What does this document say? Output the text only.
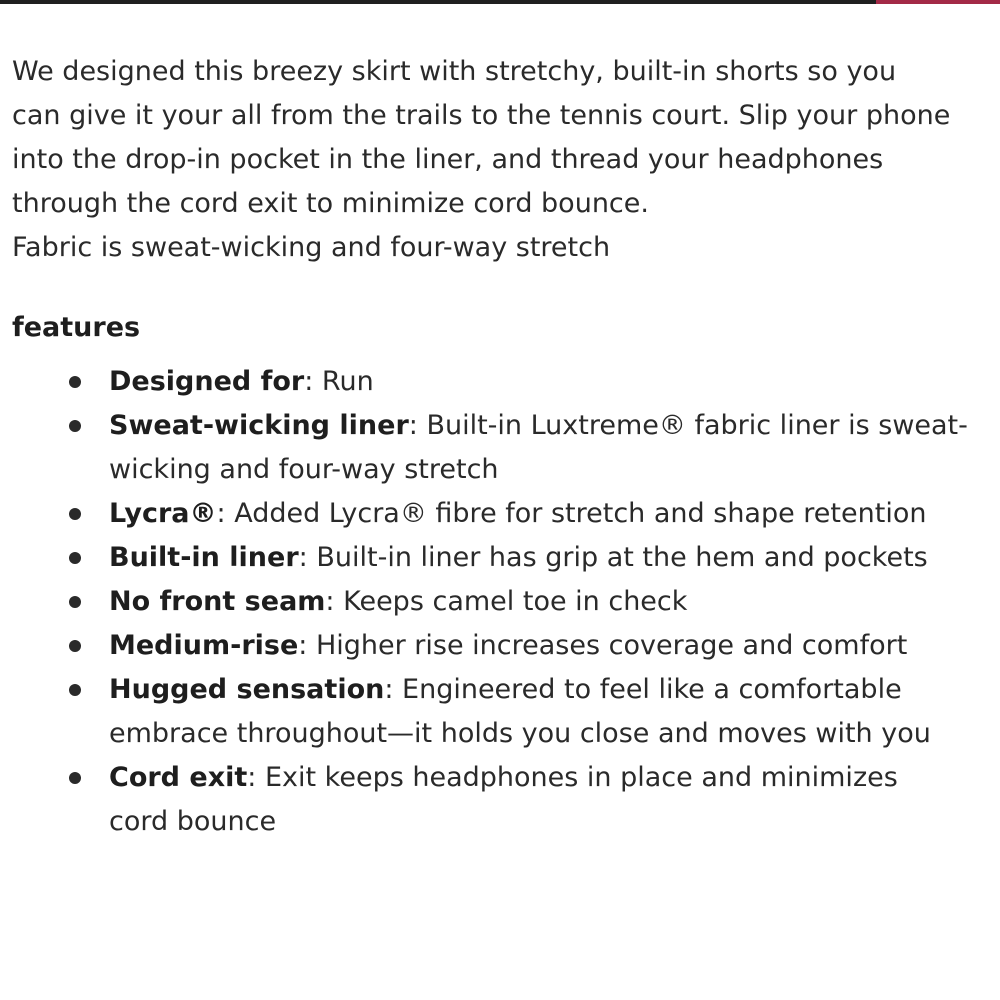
We designed this breezy skirt with stretchy, built-in shorts so you
can give it your all from the trails to the tennis court. Slip your phone
into the drop-in pocket in the liner, and thread your headphones
through the cord exit to minimize cord bounce.
Fabric is sweat-wicking and four-way stretch

features
Designed for: Run
Sweat-wicking liner: Built-in Luxtreme® fabric liner is sweat-
wicking and four-way stretch
Lycra®: Added Lycra® fibre for stretch and shape retention
Built-in liner: Built-in liner has grip at the hem and pockets
No front seam: Keeps camel toe in check
Medium-rise: Higher rise increases coverage and comfort
Hugged sensation: Engineered to feel like a comfortable
embrace throughout—it holds you close and moves with you
Cord exit: Exit keeps headphones in place and minimizes
cord bounce
